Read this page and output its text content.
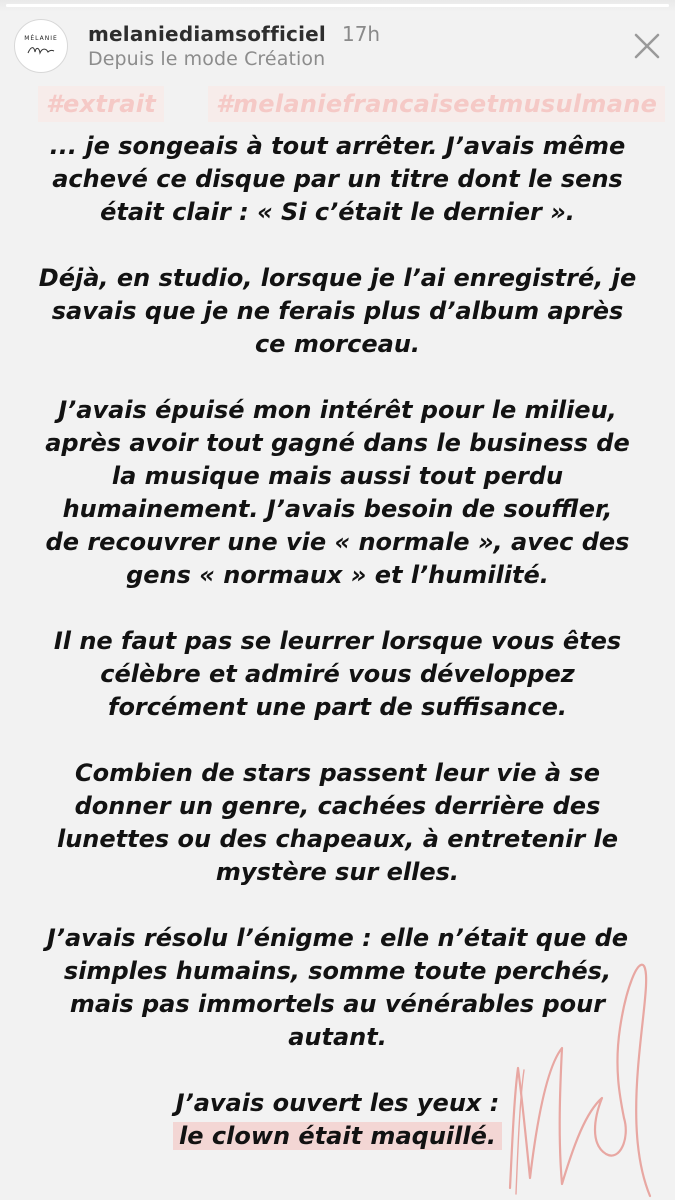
MÉLANIE melaniediamsofficiel 17h
Depuis le mode Création
#extrait	#melaniefrancaiseetmusulmane

... je songeais à tout arrêter. J’avais même
achevé ce disque par un titre dont le sens
était clair : « Si c’était le dernier ».

Déjà, en studio, lorsque je l’ai enregistré, je
savais que je ne ferais plus d’album après
ce morceau.

J’avais épuisé mon intérêt pour le milieu,
après avoir tout gagné dans le business de
la musique mais aussi tout perdu
humainement. J’avais besoin de souffler,
de recouvrer une vie « normale », avec des
gens « normaux » et l’humilité.

Il ne faut pas se leurrer lorsque vous êtes
célèbre et admiré vous développez
forcément une part de suffisance.

Combien de stars passent leur vie à se
donner un genre, cachées derrière des
lunettes ou des chapeaux, à entretenir le
mystère sur elles.

J’avais résolu l’énigme : elle n’était que de
simples humains, somme toute perchés,
mais pas immortels au vénérables pour
autant.

J’avais ouvert les yeux :
le clown était maquillé.
